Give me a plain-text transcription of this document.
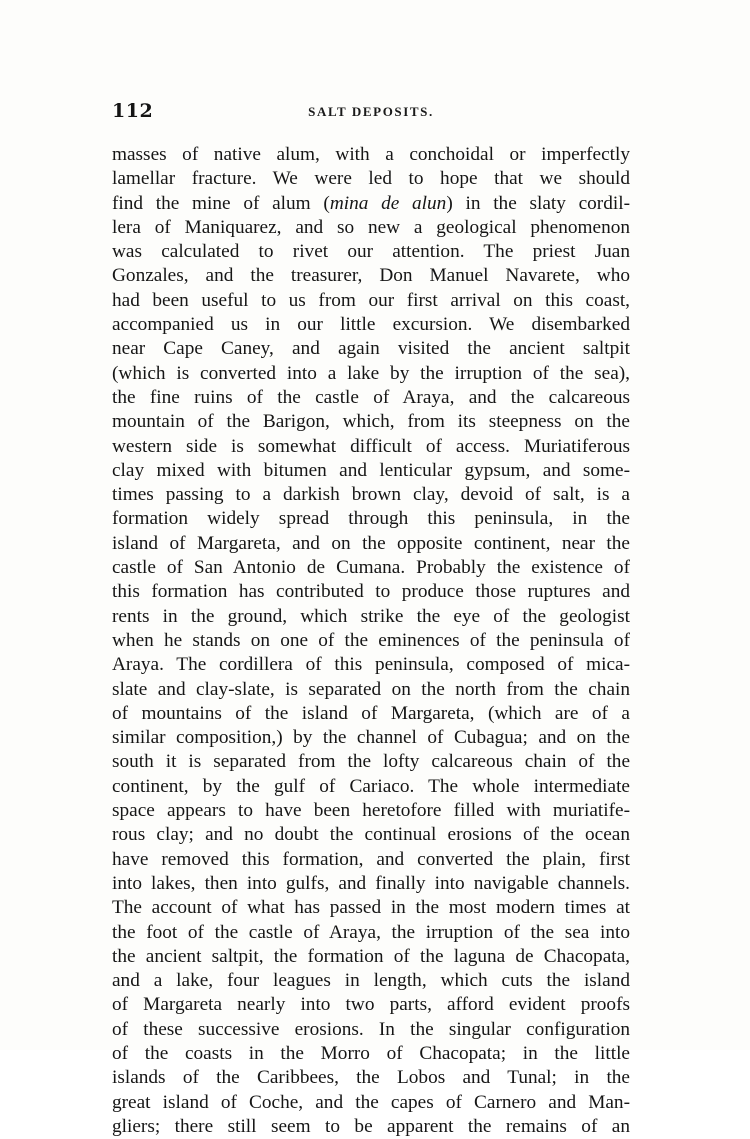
112	SALT DEPOSITS.
masses of native alum, with a conchoidal or imperfectly
lamellar fracture. We were led to hope that we should
find the mine of alum (mina de alun) in the slaty cordil-
lera of Maniquarez, and so new a geological phenomenon
was calculated to rivet our attention. The priest Juan
Gonzales, and the treasurer, Don Manuel Navarete, who
had been useful to us from our first arrival on this coast,
accompanied us in our little excursion. We disembarked
near Cape Caney, and again visited the ancient saltpit
(which is converted into a lake by the irruption of the sea),
the fine ruins of the castle of Araya, and the calcareous
mountain of the Barigon, which, from its steepness on the
western side is somewhat difficult of access. Muriatiferous
clay mixed with bitumen and lenticular gypsum, and some-
times passing to a darkish brown clay, devoid of salt, is a
formation widely spread through this peninsula, in the
island of Margareta, and on the opposite continent, near the
castle of San Antonio de Cumana. Probably the existence of
this formation has contributed to produce those ruptures and
rents in the ground, which strike the eye of the geologist
when he stands on one of the eminences of the peninsula of
Araya. The cordillera of this peninsula, composed of mica-
slate and clay-slate, is separated on the north from the chain
of mountains of the island of Margareta, (which are of a
similar composition,) by the channel of Cubagua; and on the
south it is separated from the lofty calcareous chain of the
continent, by the gulf of Cariaco. The whole intermediate
space appears to have been heretofore filled with muriatife-
rous clay; and no doubt the continual erosions of the ocean
have removed this formation, and converted the plain, first
into lakes, then into gulfs, and finally into navigable channels.
The account of what has passed in the most modern times at
the foot of the castle of Araya, the irruption of the sea into
the ancient saltpit, the formation of the laguna de Chacopata,
and a lake, four leagues in length, which cuts the island
of Margareta nearly into two parts, afford evident proofs
of these successive erosions. In the singular configuration
of the coasts in the Morro of Chacopata; in the little
islands of the Caribbees, the Lobos and Tunal; in the
great island of Coche, and the capes of Carnero and Man-
gliers; there still seem to be apparent the remains of an
